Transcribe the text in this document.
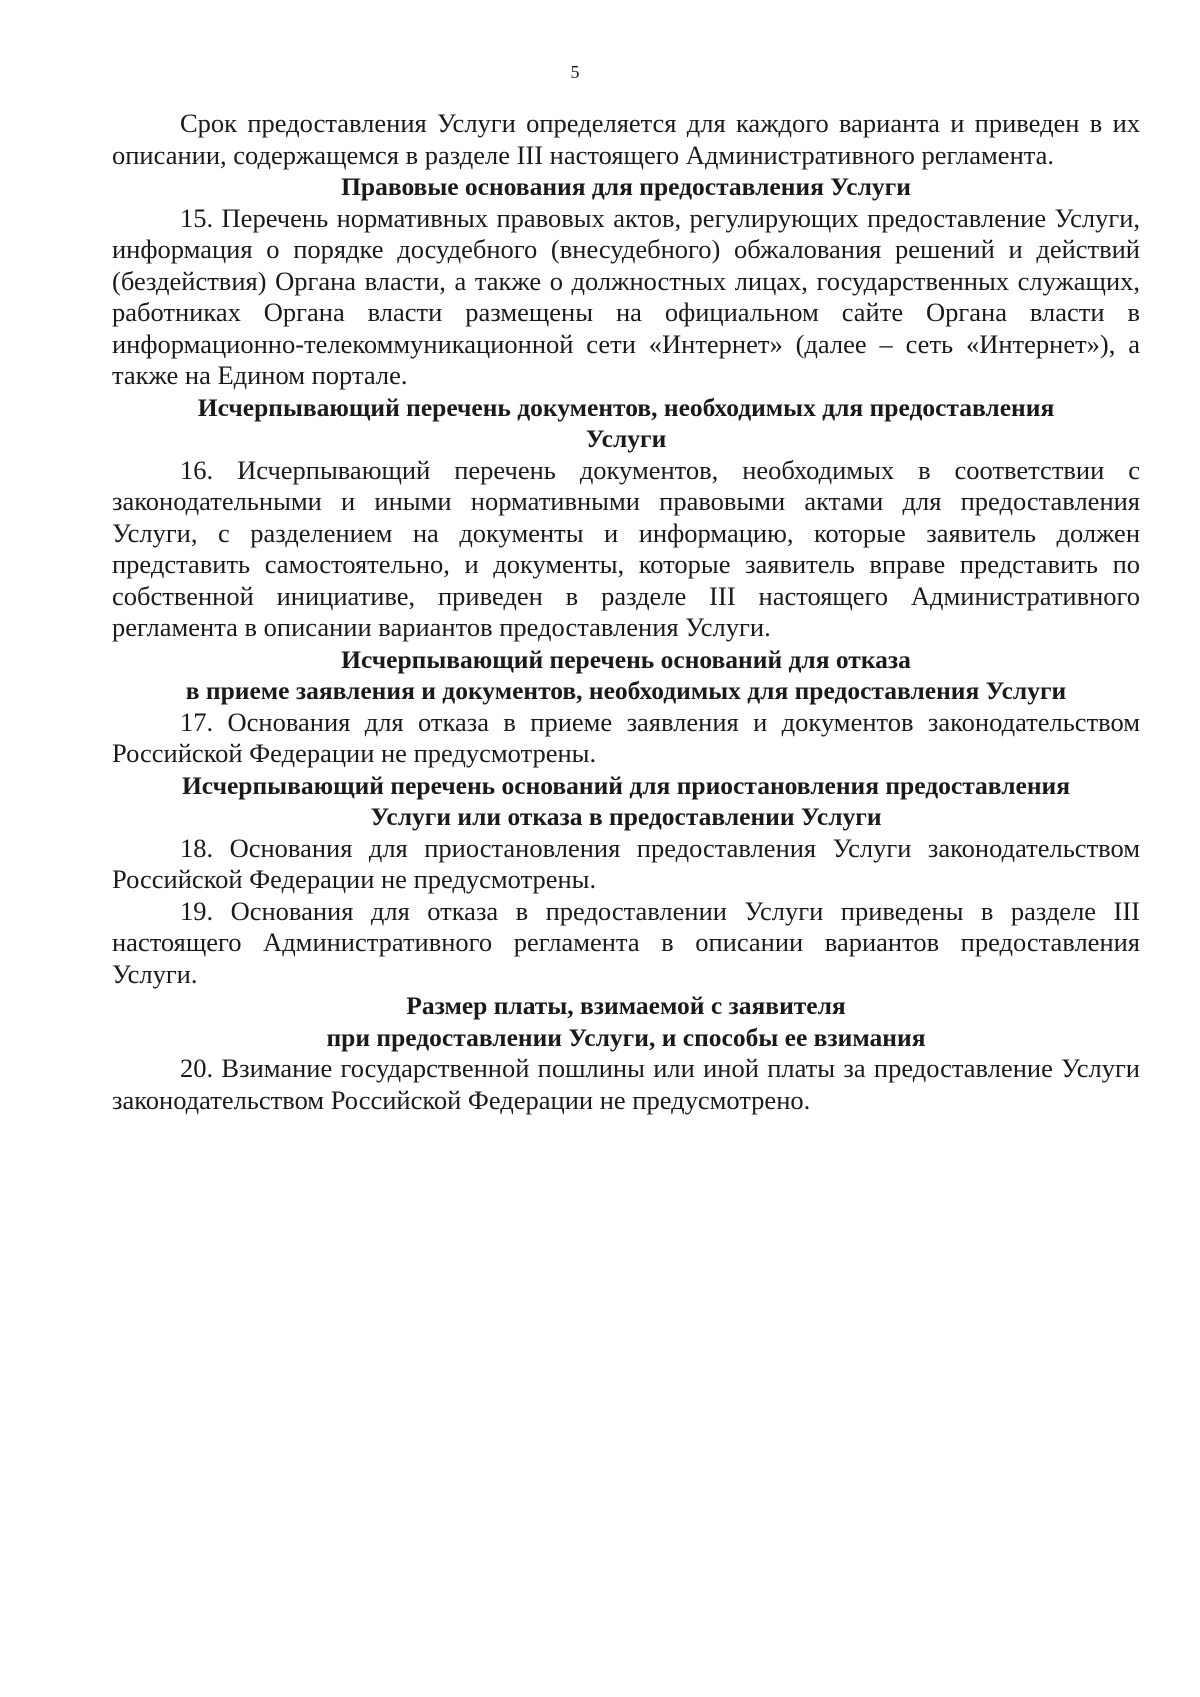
5

Срок предоставления Услуги определяется для каждого варианта и приведен в их описании, содержащемся в разделе III настоящего Административного регламента.

Правовые основания для предоставления Услуги

15. Перечень нормативных правовых актов, регулирующих предоставление Услуги, информация о порядке досудебного (внесудебного) обжалования решений и действий (бездействия) Органа власти, а также о должностных лицах, государственных служащих, работниках Органа власти размещены на официальном сайте Органа власти в информационно-телекоммуникационной сети «Интернет» (далее – сеть «Интернет»), а также на Едином портале.

Исчерпывающий перечень документов, необходимых для предоставления
Услуги

16. Исчерпывающий перечень документов, необходимых в соответствии с законодательными и иными нормативными правовыми актами для предоставления Услуги, с разделением на документы и информацию, которые заявитель должен представить самостоятельно, и документы, которые заявитель вправе представить по собственной инициативе, приведен в разделе III настоящего Административного регламента в описании вариантов предоставления Услуги.

Исчерпывающий перечень оснований для отказа
в приеме заявления и документов, необходимых для предоставления Услуги

17. Основания для отказа в приеме заявления и документов законодательством Российской Федерации не предусмотрены.

Исчерпывающий перечень оснований для приостановления предоставления
Услуги или отказа в предоставлении Услуги

18. Основания для приостановления предоставления Услуги законодательством Российской Федерации не предусмотрены.

19. Основания для отказа в предоставлении Услуги приведены в разделе III настоящего Административного регламента в описании вариантов предоставления Услуги.

Размер платы, взимаемой с заявителя
при предоставлении Услуги, и способы ее взимания

20. Взимание государственной пошлины или иной платы за предоставление Услуги законодательством Российской Федерации не предусмотрено.
